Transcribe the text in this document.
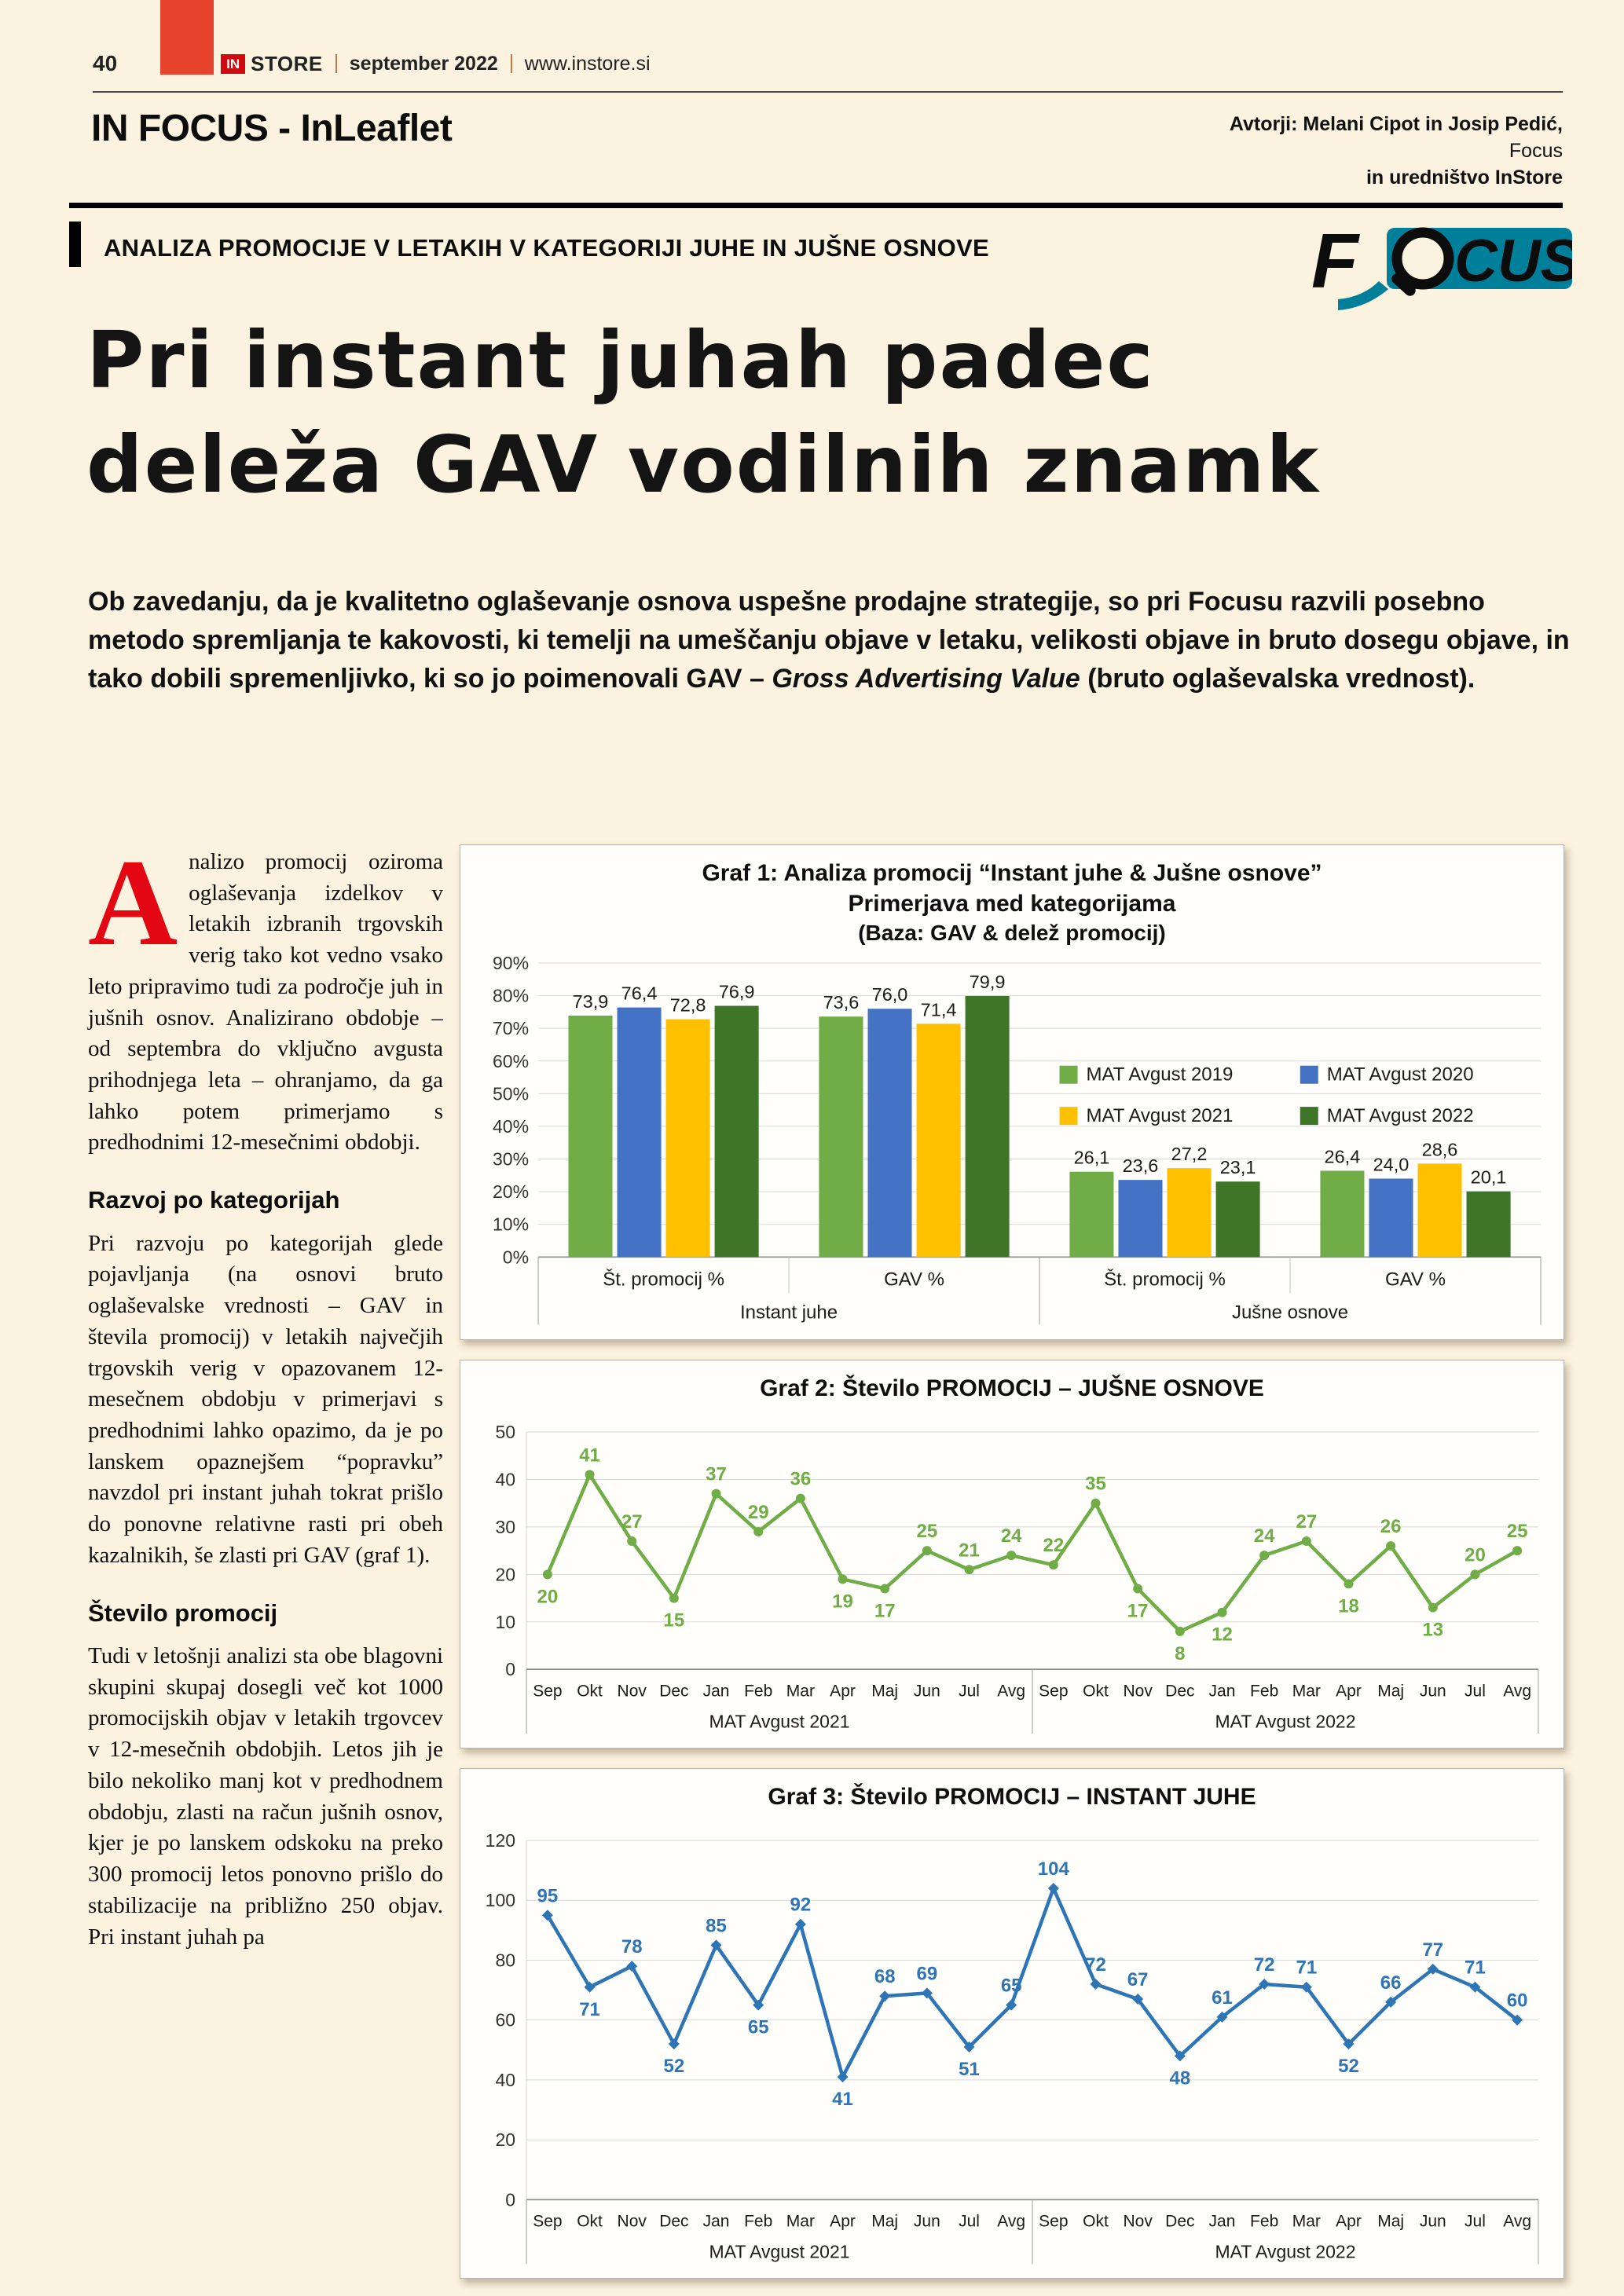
40	IN STORE september 2022 www.instore.si
IN FOCUS - InLeaflet	Avtorji: Melani Cipot in Josip Pedić,
Focus
in uredništvo InStore
ANALIZA PROMOCIJE V LETAKIH V KATEGORIJI JUHE IN JUŠNE OSNOVE	F CUS
Pri instant juhah padec
deleža GAV vodilnih znamk

Ob zavedanju, da je kvalitetno oglaševanje osnova uspešne prodajne strategije, so pri Focusu razvili posebno metodo spremljanja te kakovosti, ki temelji na umeščanju objave v letaku, velikosti objave in bruto dosegu objave, in tako dobili spremenljivko, ki so jo poimenovali GAV – Gross Advertising Value (bruto oglaševalska vrednost).

Analizo promocij oziroma oglaševanja izdelkov v letakih izbranih trgovskih verig tako kot vedno vsako leto pripravimo tudi za področje juh in jušnih osnov. Analizirano obdobje – od septembra do vključno avgusta prihodnjega leta – ohranjamo, da ga lahko potem primerjamo s predhodnimi 12-mesečnimi obdobji.

Razvoj po kategorijah

Pri razvoju po kategorijah glede pojavljanja (na osnovi bruto oglaševalske vrednosti – GAV in števila promocij) v letakih največjih trgovskih verig v opazovanem 12-mesečnem obdobju v primerjavi s predhodnimi lahko opazimo, da je po lanskem opaznejšem “popravku” navzdol pri instant juhah tokrat prišlo do ponovne relativne rasti pri obeh kazalnikih, še zlasti pri GAV (graf 1).

Število promocij

Tudi v letošnji analizi sta obe blagovni skupini skupaj dosegli več kot 1000 promocijskih objav v letakih trgovcev v 12-mesečnih obdobjih. Letos jih je bilo nekoliko manj kot v predhodnem obdobju, zlasti na račun jušnih osnov, kjer je po lanskem odskoku na preko 300 promocij letos ponovno prišlo do stabilizacije na približno 250 objav. Pri instant juhah pa

Graf 1: Analiza promocij “Instant juhe & Jušne osnove”
Primerjava med kategorijama
(Baza: GAV & delež promocij)
0%
10%
20%
30%
40%
50%
60%
70%
80%
90%
73,9	73,6
26,1	26,4
76,4	76,0
23,6	24,0
72,8	71,4
27,2	28,6
76,9	79,9
23,1	20,1
Št. promocij %	GAV %	Št. promocij %	GAV %
Instant juhe	Jušne osnove
MAT Avgust 2019	MAT Avgust 2020
MAT Avgust 2021	MAT Avgust 2022
Graf 2: Število PROMOCIJ – JUŠNE OSNOVE
0
10
20
30
40
50
20
41
27
15
37
29
36
19 17
25
21
24 22
35
17
8
12
24
27
18
26
13
20
25
Sep Okt Nov Dec Jan Feb Mar Apr Maj Jun Jul Avg Sep Okt Nov Dec Jan Feb Mar Apr Maj Jun Jul Avg
MAT Avgust 2021	MAT Avgust 2022
Graf 3: Število PROMOCIJ – INSTANT JUHE
0
20
40
60
80
100
120
95
71
78
52
85
65
92
41
68 69
51
65
104
72
67
48
61
72 71
52
66
77
71
60
Sep Okt Nov Dec Jan Feb Mar Apr Maj Jun Jul Avg Sep Okt Nov Dec Jan Feb Mar Apr Maj Jun Jul Avg
MAT Avgust 2021	MAT Avgust 2022
